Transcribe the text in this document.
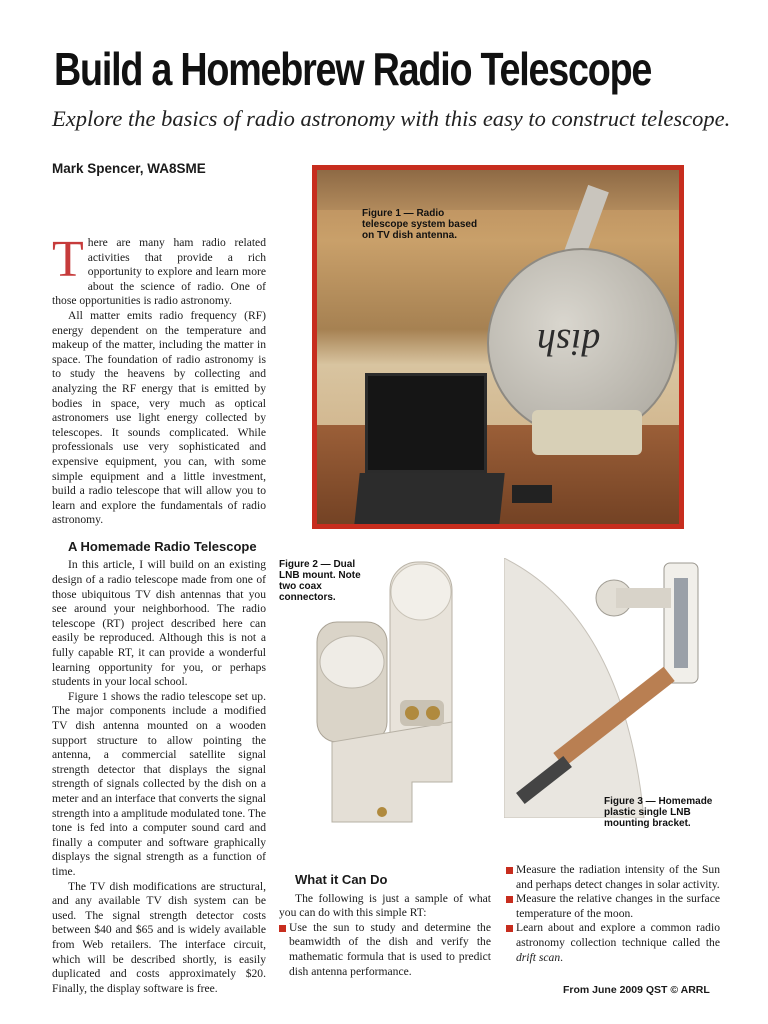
Build a Homebrew Radio Telescope
Explore the basics of radio astronomy with this easy to construct telescope.
Mark Spencer, WA8SME

There are many ham radio related activities that provide a rich opportunity to explore and learn more about the science of radio. One of those opportunities is radio astronomy.

All matter emits radio frequency (RF) energy dependent on the temperature and makeup of the matter, including the matter in space. The foundation of radio astronomy is to study the heavens by collecting and analyzing the RF energy that is emitted by bodies in space, very much as optical astronomers use light energy collected by telescopes. It sounds complicated. While professionals use very sophisticated and expensive equipment, you can, with some simple equipment and a little investment, build a radio telescope that will allow you to learn and explore the fundamentals of radio astronomy.

A Homemade Radio Telescope

In this article, I will build on an existing design of a radio telescope made from one of those ubiquitous TV dish antennas that you see around your neighborhood. The radio telescope (RT) project described here can easily be reproduced. Although this is not a fully capable RT, it can provide a wonderful learning opportunity for you, or perhaps students in your local school.

Figure 1 shows the radio telescope set up. The major components include a modified TV dish antenna mounted on a wooden support structure to allow pointing the antenna, a commercial satellite signal strength detector that displays the signal strength of signals collected by the dish on a meter and an interface that converts the signal strength into a amplitude modulated tone. The tone is fed into a computer sound card and finally a computer and software graphically displays the signal strength as a function of time.

The TV dish modifications are structural, and any available TV dish system can be used. The signal strength detector costs between $40 and $65 and is widely available from Web retailers. The interface circuit, which will be described shortly, is easily duplicated and costs approximately $20. Finally, the display software is free.

dish
Figure 1 — Radio telescope system based on TV dish antenna.
Figure 2 — Dual LNB mount. Note two coax connectors.
Figure 3 — Homemade plastic single LNB mounting bracket.

What it Can Do

The following is just a sample of what you can do with this simple RT:

Use the sun to study and determine the beamwidth of the dish and verify the mathematic formula that is used to predict dish antenna performance.
Measure the radiation intensity of the Sun and perhaps detect changes in solar activity.
Measure the relative changes in the surface temperature of the moon.
Learn about and explore a common radio astronomy collection technique called the drift scan.
From June 2009 QST © ARRL
